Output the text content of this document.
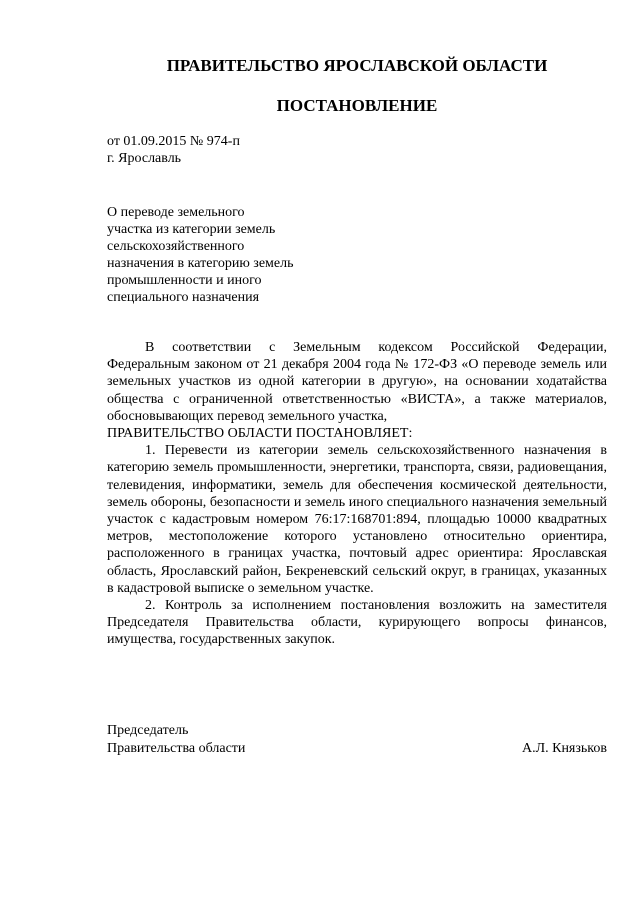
ПРАВИТЕЛЬСТВО ЯРОСЛАВСКОЙ ОБЛАСТИ
ПОСТАНОВЛЕНИЕ
от 01.09.2015 № 974-п
г. Ярославль
О переводе земельного
участка из категории земель
сельскохозяйственного
назначения в категорию земель
промышленности и иного
специального назначения

В соответствии с Земельным кодексом Российской Федерации, Федеральным законом от 21 декабря 2004 года № 172-ФЗ «О переводе земель или земельных участков из одной категории в другую», на основании ходатайства общества с ограниченной ответственностью «ВИСТА», а также материалов, обосновывающих перевод земельного участка,

ПРАВИТЕЛЬСТВО ОБЛАСТИ ПОСТАНОВЛЯЕТ:

1. Перевести из категории земель сельскохозяйственного назначения в категорию земель промышленности, энергетики, транспорта, связи, радиовещания, телевидения, информатики, земель для обеспечения космической деятельности, земель обороны, безопасности и земель иного специального назначения земельный участок с кадастровым номером 76:17:168701:894, площадью 10000 квадратных метров, местоположение которого установлено относительно ориентира, расположенного в границах участка, почтовый адрес ориентира: Ярославская область, Ярославский район, Бекреневский сельский округ, в границах, указанных в кадастровой выписке о земельном участке.

2. Контроль за исполнением постановления возложить на заместителя Председателя Правительства области, курирующего вопросы финансов, имущества, государственных закупок.

Председатель
Правительства области	А.Л. Князьков
